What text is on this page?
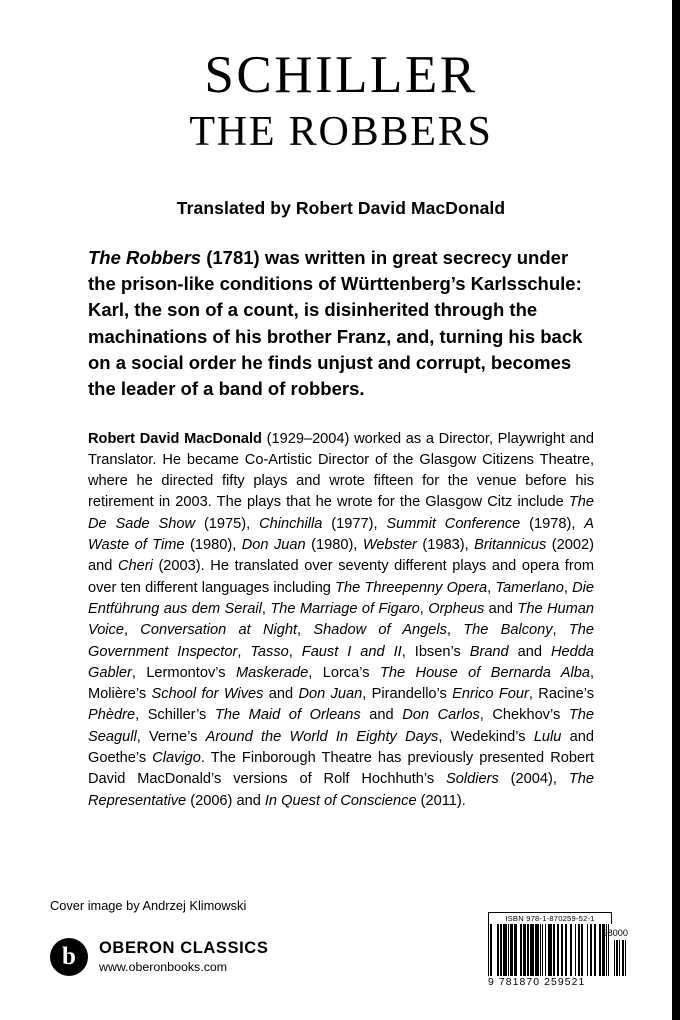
SCHILLER
THE ROBBERS
Translated by Robert David MacDonald
The Robbers (1781) was written in great secrecy under the prison-like conditions of Württenberg’s Karlsschule: Karl, the son of a count, is disinherited through the machinations of his brother Franz, and, turning his back on a social order he finds unjust and corrupt, becomes the leader of a band of robbers.
Robert David MacDonald (1929–2004) worked as a Director, Playwright and Translator. He became Co-Artistic Director of the Glasgow Citizens Theatre, where he directed fifty plays and wrote fifteen for the venue before his retirement in 2003. The plays that he wrote for the Glasgow Citz include The De Sade Show (1975), Chinchilla (1977), Summit Conference (1978), A Waste of Time (1980), Don Juan (1980), Webster (1983), Britannicus (2002) and Cheri (2003). He translated over seventy different plays and opera from over ten different languages including The Threepenny Opera, Tamerlano, Die Entführung aus dem Serail, The Marriage of Figaro, Orpheus and The Human Voice, Conversation at Night, Shadow of Angels, The Balcony, The Government Inspector, Tasso, Faust I and II, Ibsen’s Brand and Hedda Gabler, Lermontov’s Maskerade, Lorca’s The House of Bernarda Alba, Molière’s School for Wives and Don Juan, Pirandello’s Enrico Four, Racine’s Phèdre, Schiller’s The Maid of Orleans and Don Carlos, Chekhov’s The Seagull, Verne’s Around the World In Eighty Days, Wedekind’s Lulu and Goethe’s Clavigo. The Finborough Theatre has previously presented Robert David MacDonald’s versions of Rolf Hochhuth’s Soldiers (2004), The Representative (2006) and In Quest of Conscience (2011).
Cover image by Andrzej Klimowski
b	OBERON CLASSICS
www.oberonbooks.com
ISBN 978-1-870259-52-1
98000
9 781870 259521
